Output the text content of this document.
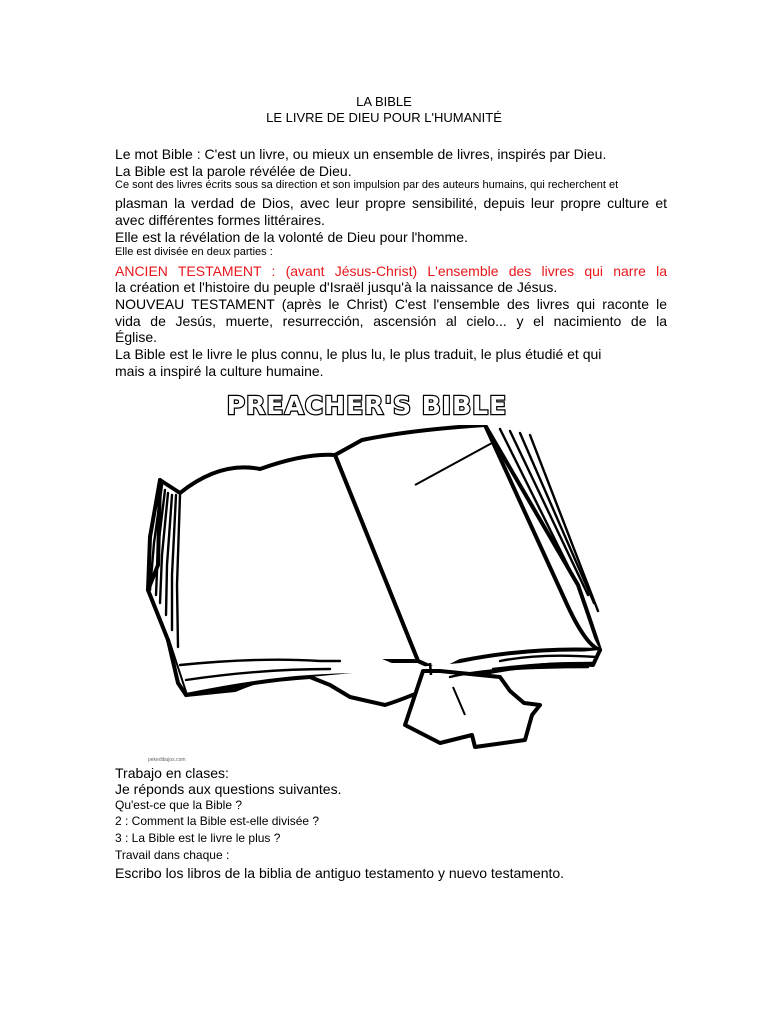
LA BIBLE
LE LIVRE DE DIEU POUR L'HUMANITÉ
Le mot Bible : C'est un livre, ou mieux un ensemble de livres, inspirés par Dieu.
La Bible est la parole révélée de Dieu.
Ce sont des livres écrits sous sa direction et son impulsion par des auteurs humains, qui recherchent et
plasman la verdad de Dios, avec leur propre sensibilité, depuis leur propre culture et
avec différentes formes littéraires.
Elle est la révélation de la volonté de Dieu pour l'homme.
Elle est divisée en deux parties :
ANCIEN TESTAMENT : (avant Jésus-Christ) L'ensemble des livres qui narre la
la création et l'histoire du peuple d'Israël jusqu'à la naissance de Jésus.
NOUVEAU TESTAMENT (après le Christ) C'est l'ensemble des livres qui raconte le
vida de Jesús, muerte, resurrección, ascensión al cielo... y el nacimiento de la
Église.
La Bible est le livre le plus connu, le plus lu, le plus traduit, le plus étudié et qui
mais a inspiré la culture humaine.
PREACHER'S BIBLE
pekedibujos.com
Trabajo en clases:
Je réponds aux questions suivantes.
Qu'est-ce que la Bible ?
2 : Comment la Bible est-elle divisée ?
3 : La Bible est le livre le plus ?
Travail dans chaque :
Escribo los libros de la biblia de antiguo testamento y nuevo testamento.
